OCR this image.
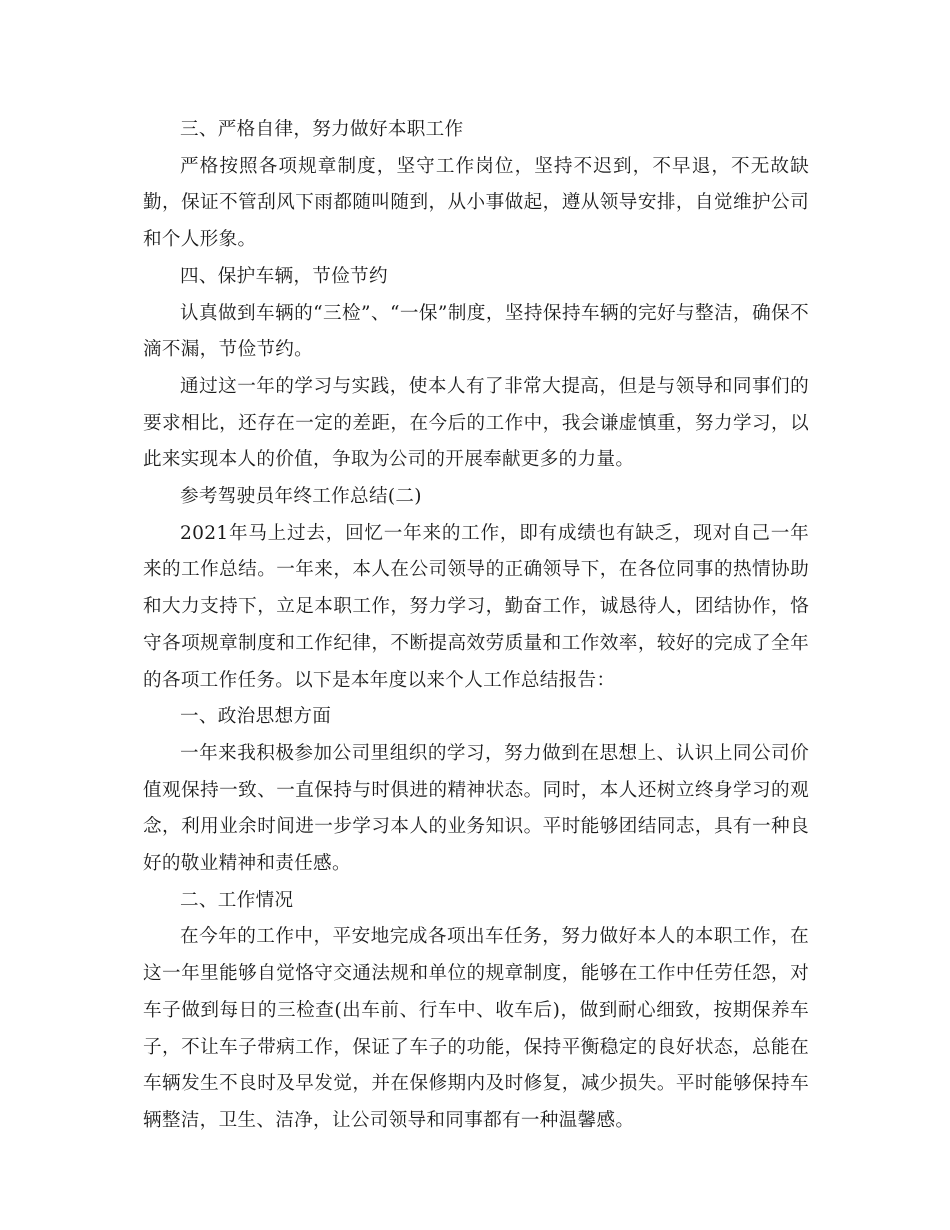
三、严格自律，努力做好本职工作

严格按照各项规章制度，坚守工作岗位，坚持不迟到，不早退，不无故缺勤，保证不管刮风下雨都随叫随到，从小事做起，遵从领导安排，自觉维护公司和个人形象。

四、保护车辆，节俭节约

认真做到车辆的“三检”、“一保”制度，坚持保持车辆的完好与整洁，确保不滴不漏，节俭节约。

通过这一年的学习与实践，使本人有了非常大提高，但是与领导和同事们的要求相比，还存在一定的差距，在今后的工作中，我会谦虚慎重，努力学习，以此来实现本人的价值，争取为公司的开展奉献更多的力量。

参考驾驶员年终工作总结(二)

2021年马上过去，回忆一年来的工作，即有成绩也有缺乏，现对自己一年来的工作总结。一年来，本人在公司领导的正确领导下，在各位同事的热情协助和大力支持下，立足本职工作，努力学习，勤奋工作，诚恳待人，团结协作，恪守各项规章制度和工作纪律，不断提高效劳质量和工作效率，较好的完成了全年的各项工作任务。以下是本年度以来个人工作总结报告：

一、政治思想方面

一年来我积极参加公司里组织的学习，努力做到在思想上、认识上同公司价值观保持一致、一直保持与时俱进的精神状态。同时，本人还树立终身学习的观念，利用业余时间进一步学习本人的业务知识。平时能够团结同志，具有一种良好的敬业精神和责任感。

二、工作情况

在今年的工作中，平安地完成各项出车任务，努力做好本人的本职工作，在这一年里能够自觉恪守交通法规和单位的规章制度，能够在工作中任劳任怨，对车子做到每日的三检查(出车前、行车中、收车后)，做到耐心细致，按期保养车子，不让车子带病工作，保证了车子的功能，保持平衡稳定的良好状态，总能在车辆发生不良时及早发觉，并在保修期内及时修复，减少损失。平时能够保持车辆整洁，卫生、洁净，让公司领导和同事都有一种温馨感。
